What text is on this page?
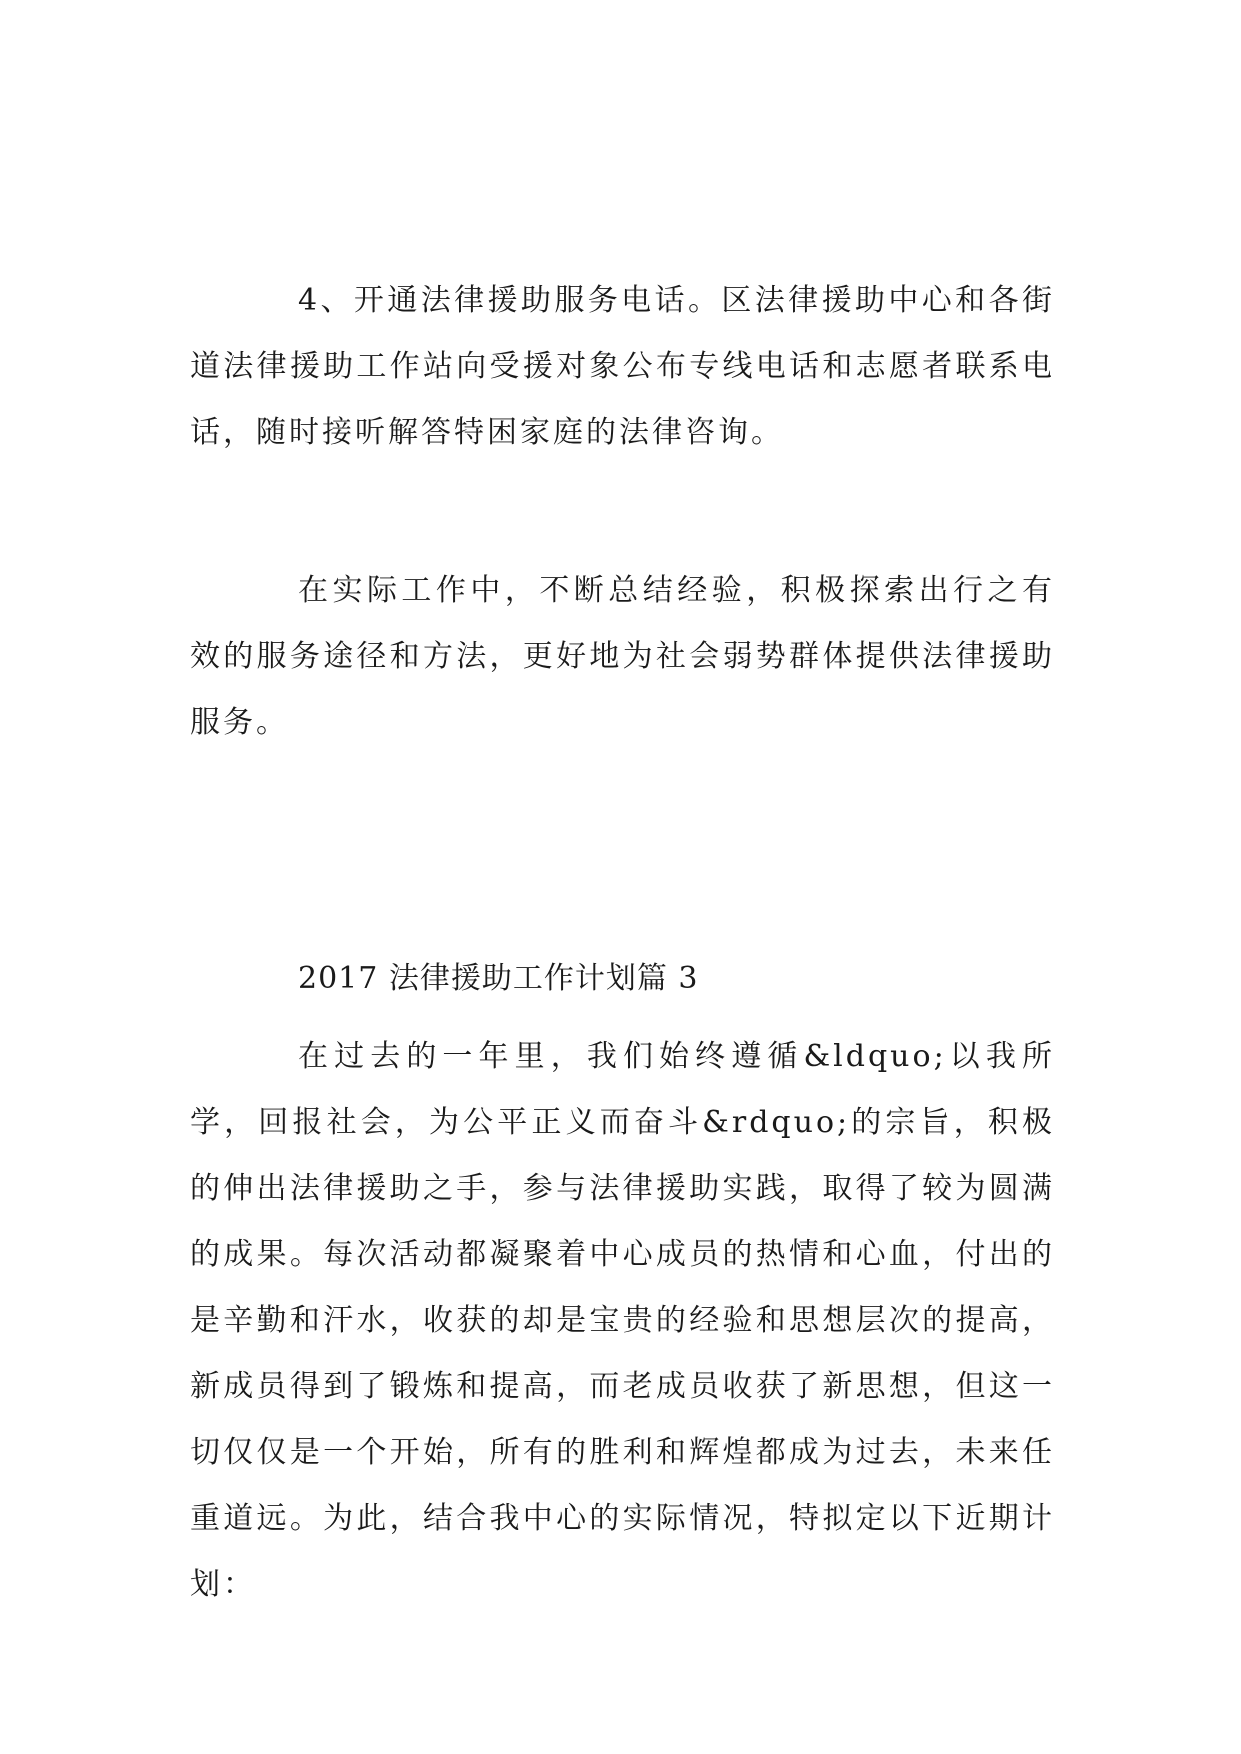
4、开通法律援助服务电话。区法律援助中心和各街道法律援助工作站向受援对象公布专线电话和志愿者联系电话，随时接听解答特困家庭的法律咨询。

在实际工作中，不断总结经验，积极探索出行之有效的服务途径和方法，更好地为社会弱势群体提供法律援助服务。

2017 法律援助工作计划篇 3

在过去的一年里，我们始终遵循&ldquo;以我所学，回报社会，为公平正义而奋斗&rdquo;的宗旨，积极的伸出法律援助之手，参与法律援助实践，取得了较为圆满的成果。每次活动都凝聚着中心成员的热情和心血，付出的是辛勤和汗水，收获的却是宝贵的经验和思想层次的提高，新成员得到了锻炼和提高，而老成员收获了新思想，但这一切仅仅是一个开始，所有的胜利和辉煌都成为过去，未来任重道远。为此，结合我中心的实际情况，特拟定以下近期计划：
